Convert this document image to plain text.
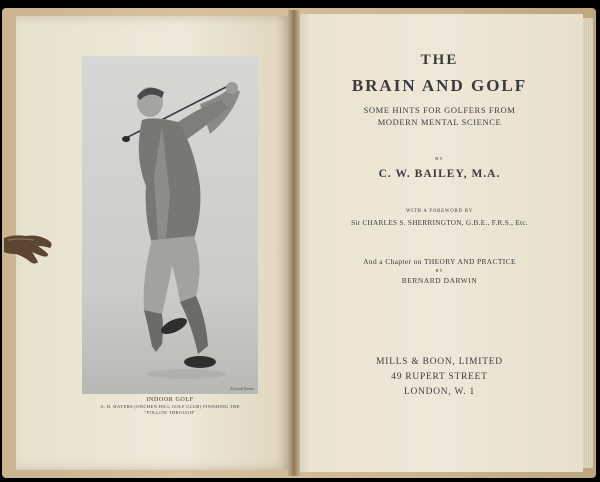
Richard Keene
INDOOR GOLF
A. H. HAYERS (ONCHEN HILL GOLF CLUB) FINISHING THE
"FOLLOW THROUGH"
THE
BRAIN AND GOLF
SOME HINTS FOR GOLFERS FROM
MODERN MENTAL SCIENCE
BY
C. W. BAILEY, M.A.
WITH A FOREWORD BY
Sir CHARLES S. SHERRINGTON, G.B.E., F.R.S., Etc.
And a Chapter on THEORY AND PRACTICE
BY
BERNARD DARWIN
MILLS & BOON, LIMITED
49 RUPERT STREET
LONDON, W. 1
